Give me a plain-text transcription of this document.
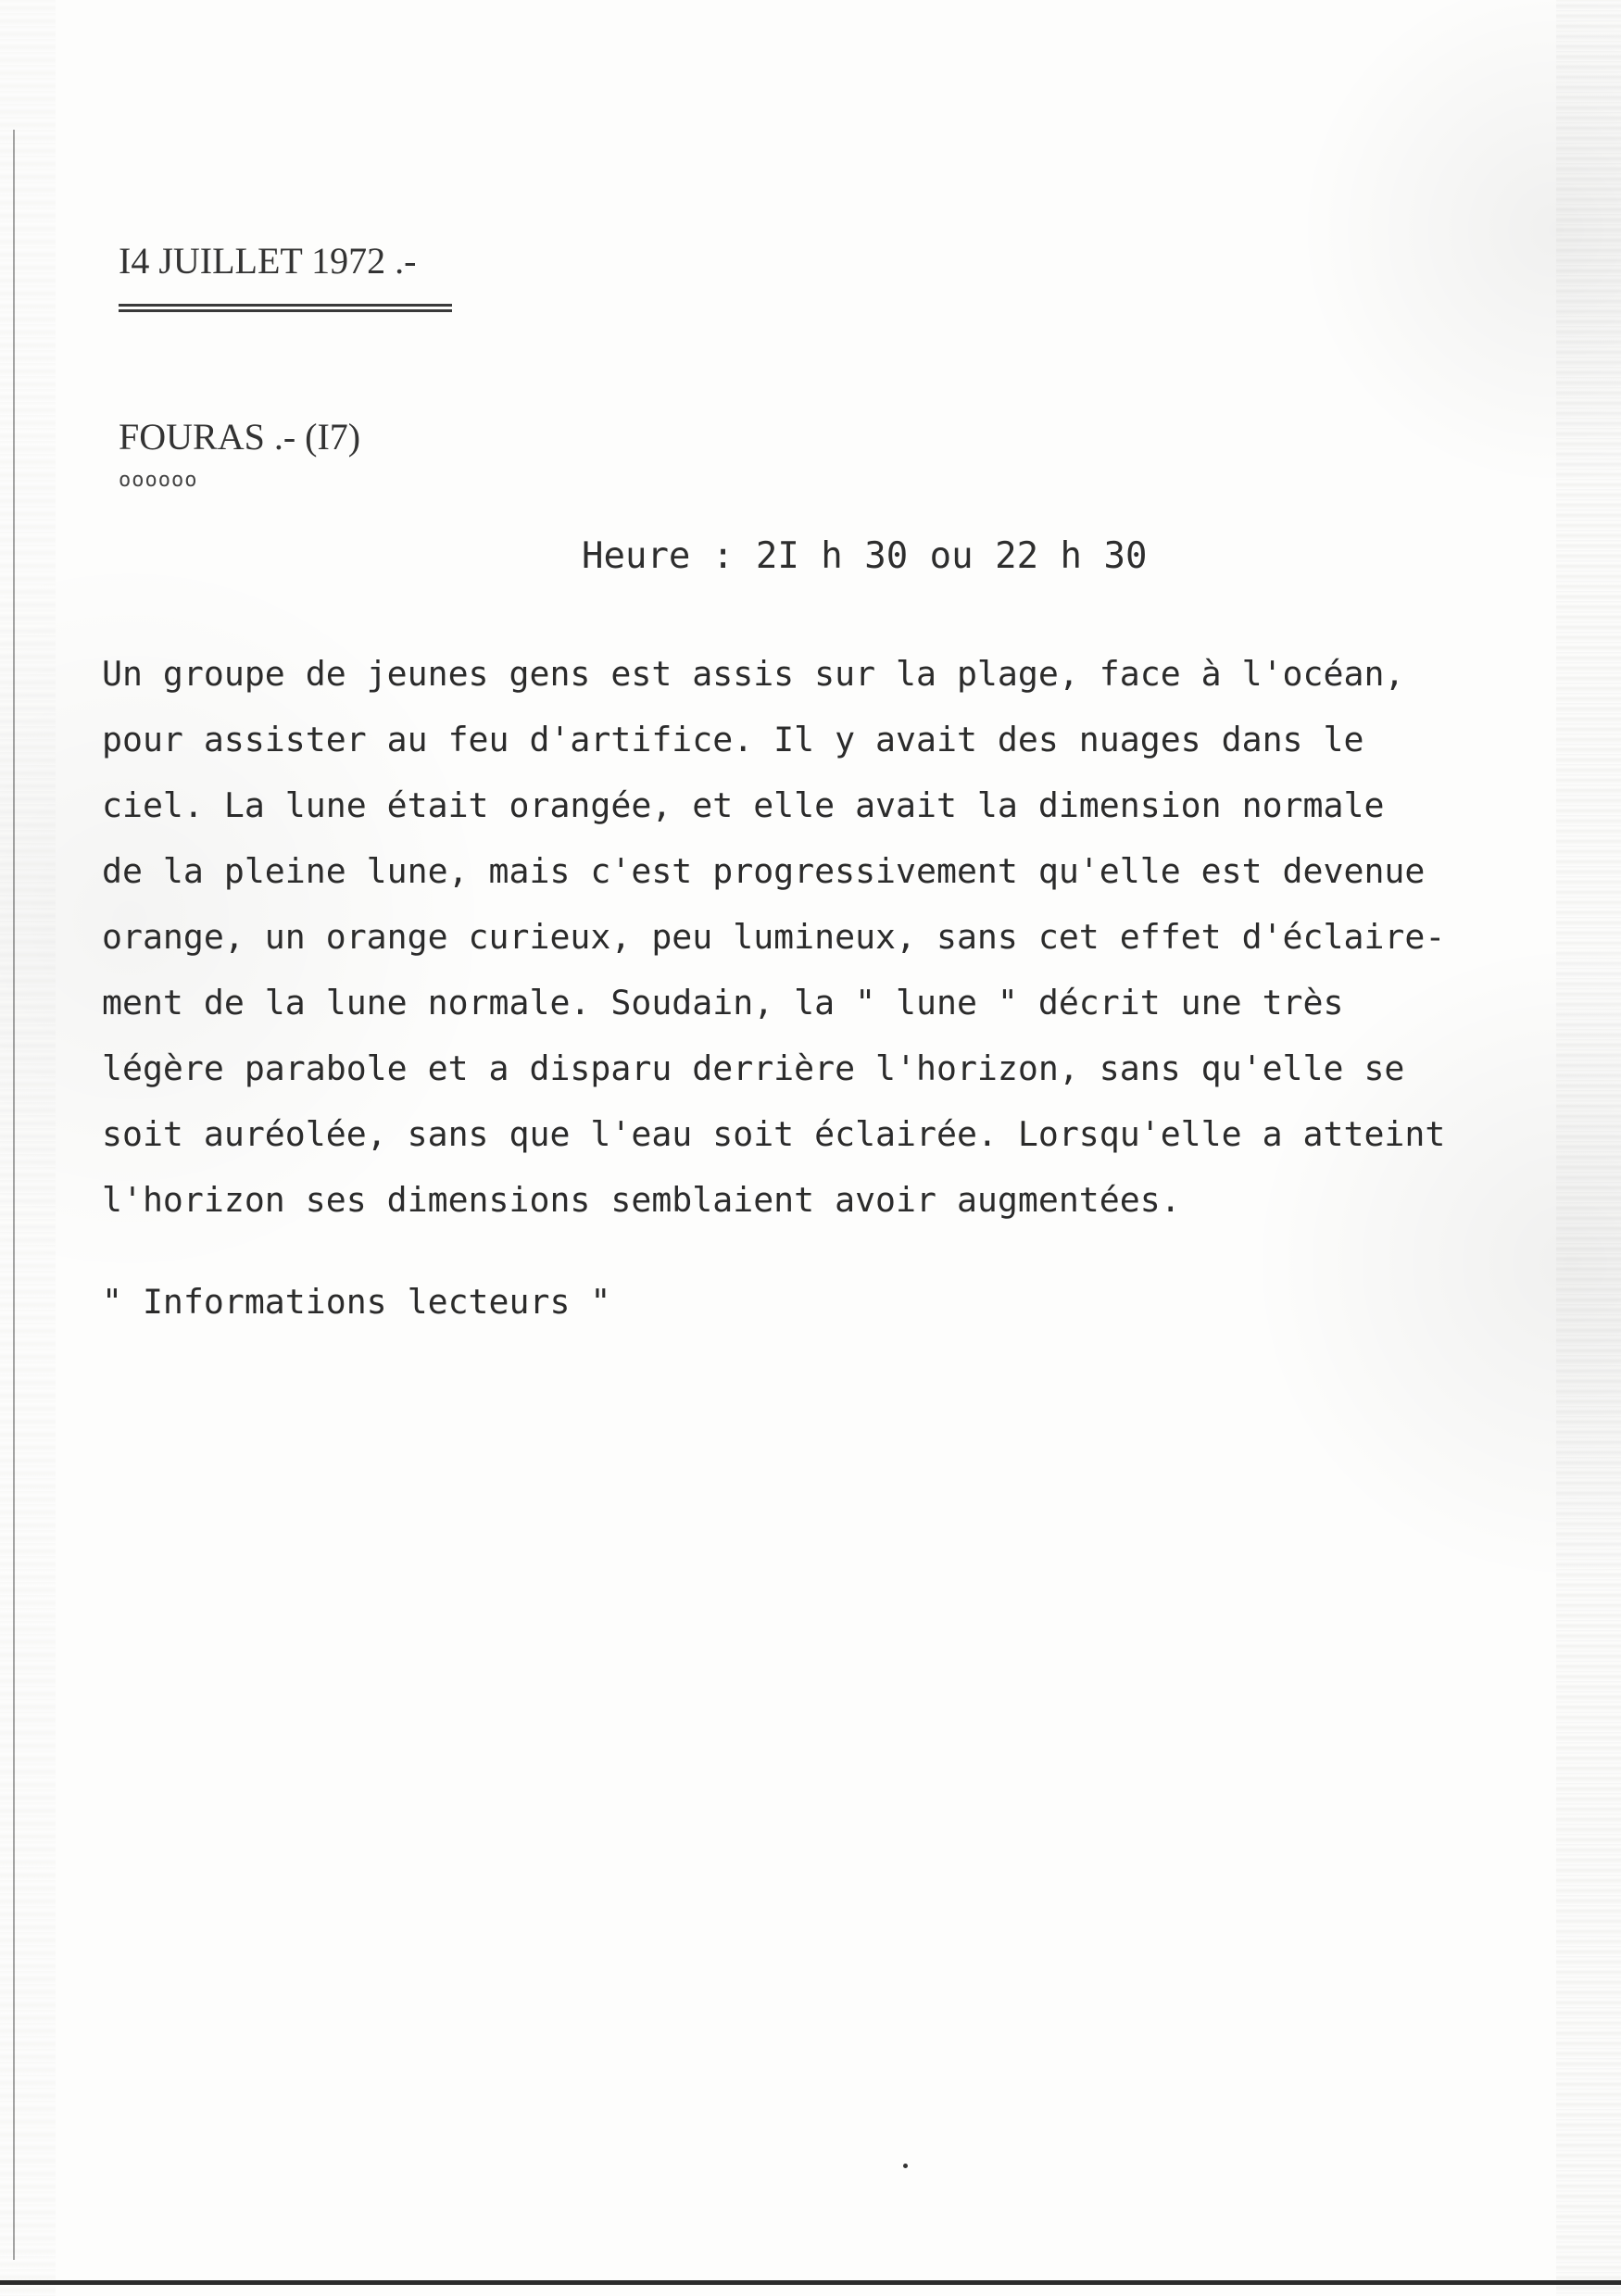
I4 JUILLET 1972 .-
FOURAS .- (I7)
oooooo
Heure : 2I h 30 ou 22 h 30
Un groupe de jeunes gens est assis sur la plage, face à l'océan,
pour assister au feu d'artifice. Il y avait des nuages dans le
ciel. La lune était orangée, et elle avait la dimension normale
de la pleine lune, mais c'est progressivement qu'elle est devenue
orange, un orange curieux, peu lumineux, sans cet effet d'éclaire-
ment de la lune normale. Soudain, la " lune " décrit une très
légère parabole et a disparu derrière l'horizon, sans qu'elle se
soit auréolée, sans que l'eau soit éclairée. Lorsqu'elle a atteint
l'horizon ses dimensions semblaient avoir augmentées.
" Informations lecteurs "
